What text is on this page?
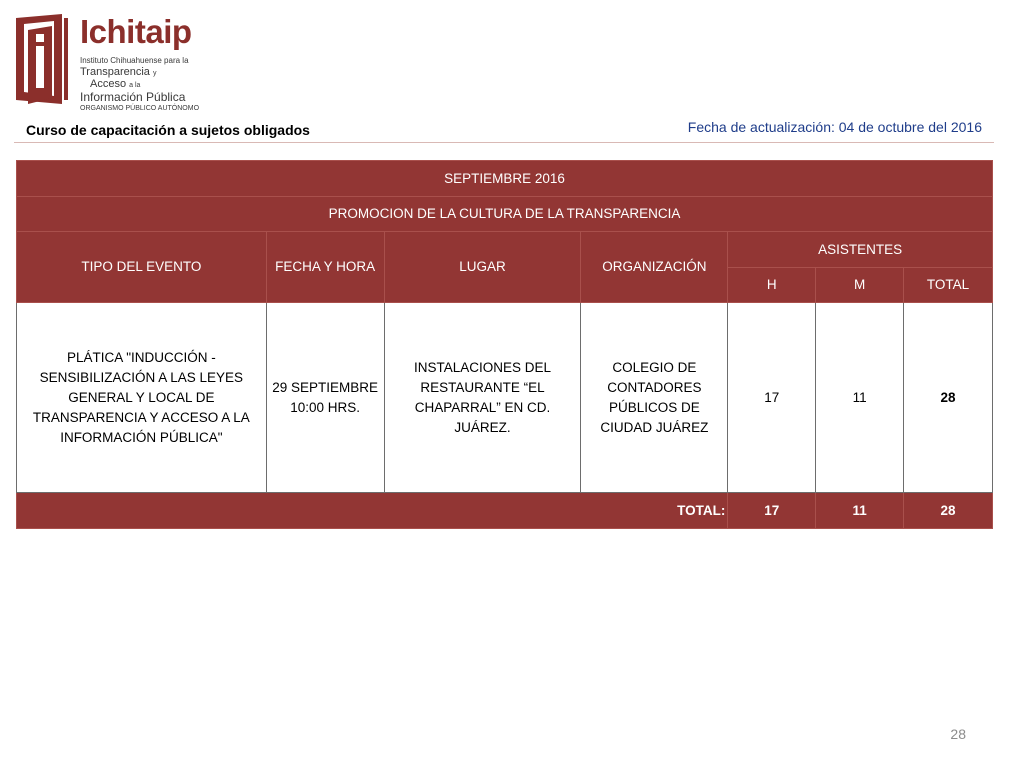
Ichitaip
Instituto Chihuahuense para la
Transparencia y
Acceso a la
Información Pública
ORGANISMO PÚBLICO AUTÓNOMO
Curso de capacitación a sujetos obligados	Fecha de actualización: 04 de octubre del 2016
SEPTIEMBRE 2016						
PROMOCION DE LA CULTURA DE LA TRANSPARENCIA						
TIPO DEL EVENTO	FECHA Y HORA	LUGAR	ORGANIZACIÓN	ASISTENTES		
				H	M	TOTAL
PLÁTICA "INDUCCIÓN - SENSIBILIZACIÓN A LAS LEYES GENERAL Y LOCAL DE TRANSPARENCIA Y ACCESO A LA INFORMACIÓN PÚBLICA"	29 SEPTIEMBRE 10:00 HRS.	INSTALACIONES DEL RESTAURANTE “EL CHAPARRAL” EN CD. JUÁREZ.	COLEGIO DE CONTADORES PÚBLICOS DE CIUDAD JUÁREZ	17	11	28
TOTAL:				17	11	28
28
